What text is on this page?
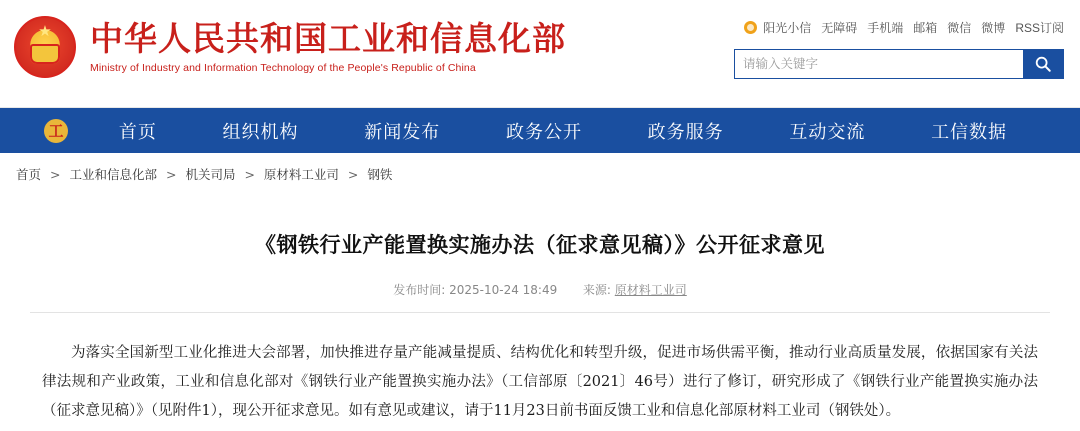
★
中华人民共和国工业和信息化部
Ministry of Industry and Information Technology of the People's Republic of China
阳光小信 无障碍 手机端 邮箱 微信 微博 RSS订阅
请输入关键字
工	首页	组织机构	新闻发布	政务公开	政务服务	互动交流	工信数据
首页 > 工业和信息化部 > 机关司局 > 原材料工业司 > 钢铁
《钢铁行业产能置换实施办法（征求意见稿）》公开征求意见
发布时间: 2025-10-24 18:49 来源: 原材料工业司
为落实全国新型工业化推进大会部署，加快推进存量产能减量提质、结构优化和转型升级，促进市场供需平衡，推动行业高质量发展，依据国家有关法律法规和产业政策，工业和信息化部对《钢铁行业产能置换实施办法》（工信部原〔2021〕46号）进行了修订，研究形成了《钢铁行业产能置换实施办法（征求意见稿）》（见附件1），现公开征求意见。如有意见或建议，请于11月23日前书面反馈工业和信息化部原材料工业司（钢铁处）。
